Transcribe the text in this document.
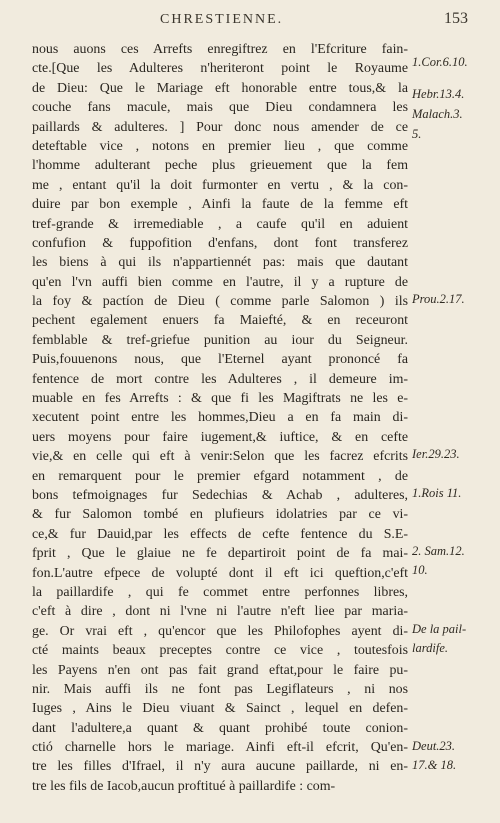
CHRESTIENNE.	153
nous auons ces Arrefts enregiftrez en l'Efcriture fain-
cte.[Que les Adulteres n'heriteront point le Royaume
de Dieu: Que le Mariage eft honorable entre tous,& la
couche fans macule, mais que Dieu condamnera les
paillards & adulteres. ] Pour donc nous amender de ce
deteftable vice , notons en premier lieu , que comme
l'homme adulterant peche plus grieuement que la fem
me , entant qu'il la doit furmonter en vertu , & la con-
duire par bon exemple , Ainfi la faute de la femme eft
tref-grande & irremediable , a caufe qu'il en aduient
confufion & fuppofition d'enfans, dont font transferez
les biens à qui ils n'appartiennét pas: mais que dautant
qu'en l'vn auffi bien comme en l'autre, il y a rupture de
la foy & pactíon de Dieu ( comme parle Salomon ) ils
pechent egalement enuers fa Maiefté, & en receuront
femblable & tref-griefue punition au iour du Seigneur.
Puis,fouuenons nous, que l'Eternel ayant prononcé fa
fentence de mort contre les Adulteres , il demeure im-
muable en fes Arrefts : & que fi les Magiftrats ne les e-
xecutent point entre les hommes,Dieu a en fa main di-
uers moyens pour faire iugement,& iuftice, & en cefte
vie,& en celle qui eft à venir:Selon que les facrez efcrits
en remarquent pour le premier efgard notamment , de
bons tefmoignages fur Sedechias & Achab , adulteres,
& fur Salomon tombé en plufieurs idolatries par ce vi-
ce,& fur Dauid,par les effects de cefte fentence du S.E-
fprit , Que le glaiue ne fe departiroit point de fa mai-
fon.L'autre efpece de volupté dont il eft ici queftion,c'eft
la paillardife , qui fe commet entre perfonnes libres,
c'eft à dire , dont ni l'vne ni l'autre n'eft liee par maria-
ge. Or vrai eft , qu'encor que les Philofophes ayent di-
cté maints beaux preceptes contre ce vice , toutesfois
les Payens n'en ont pas fait grand eftat,pour le faire pu-
nir. Mais auffi ils ne font pas Legiflateurs , ni nos
Iuges , Ains le Dieu viuant & Sainct , lequel en defen-
dant l'adultere,a quant & quant prohibé toute conion-
ctió charnelle hors le mariage. Ainfi eft-il efcrit, Qu'en-
tre les filles d'Ifrael, il n'y aura aucune paillarde, ni en-
tre les fils de Iacob,aucun proftitué à paillardife : com-
1.Cor.6.10.
Hebr.13.4.
Malach.3.
5.
Prou.2.17.
Ier.29.23.
1.Rois 11.
2. Sam.12.
10.
De la pail-
lardife.
Deut.23.
17.& 18.
